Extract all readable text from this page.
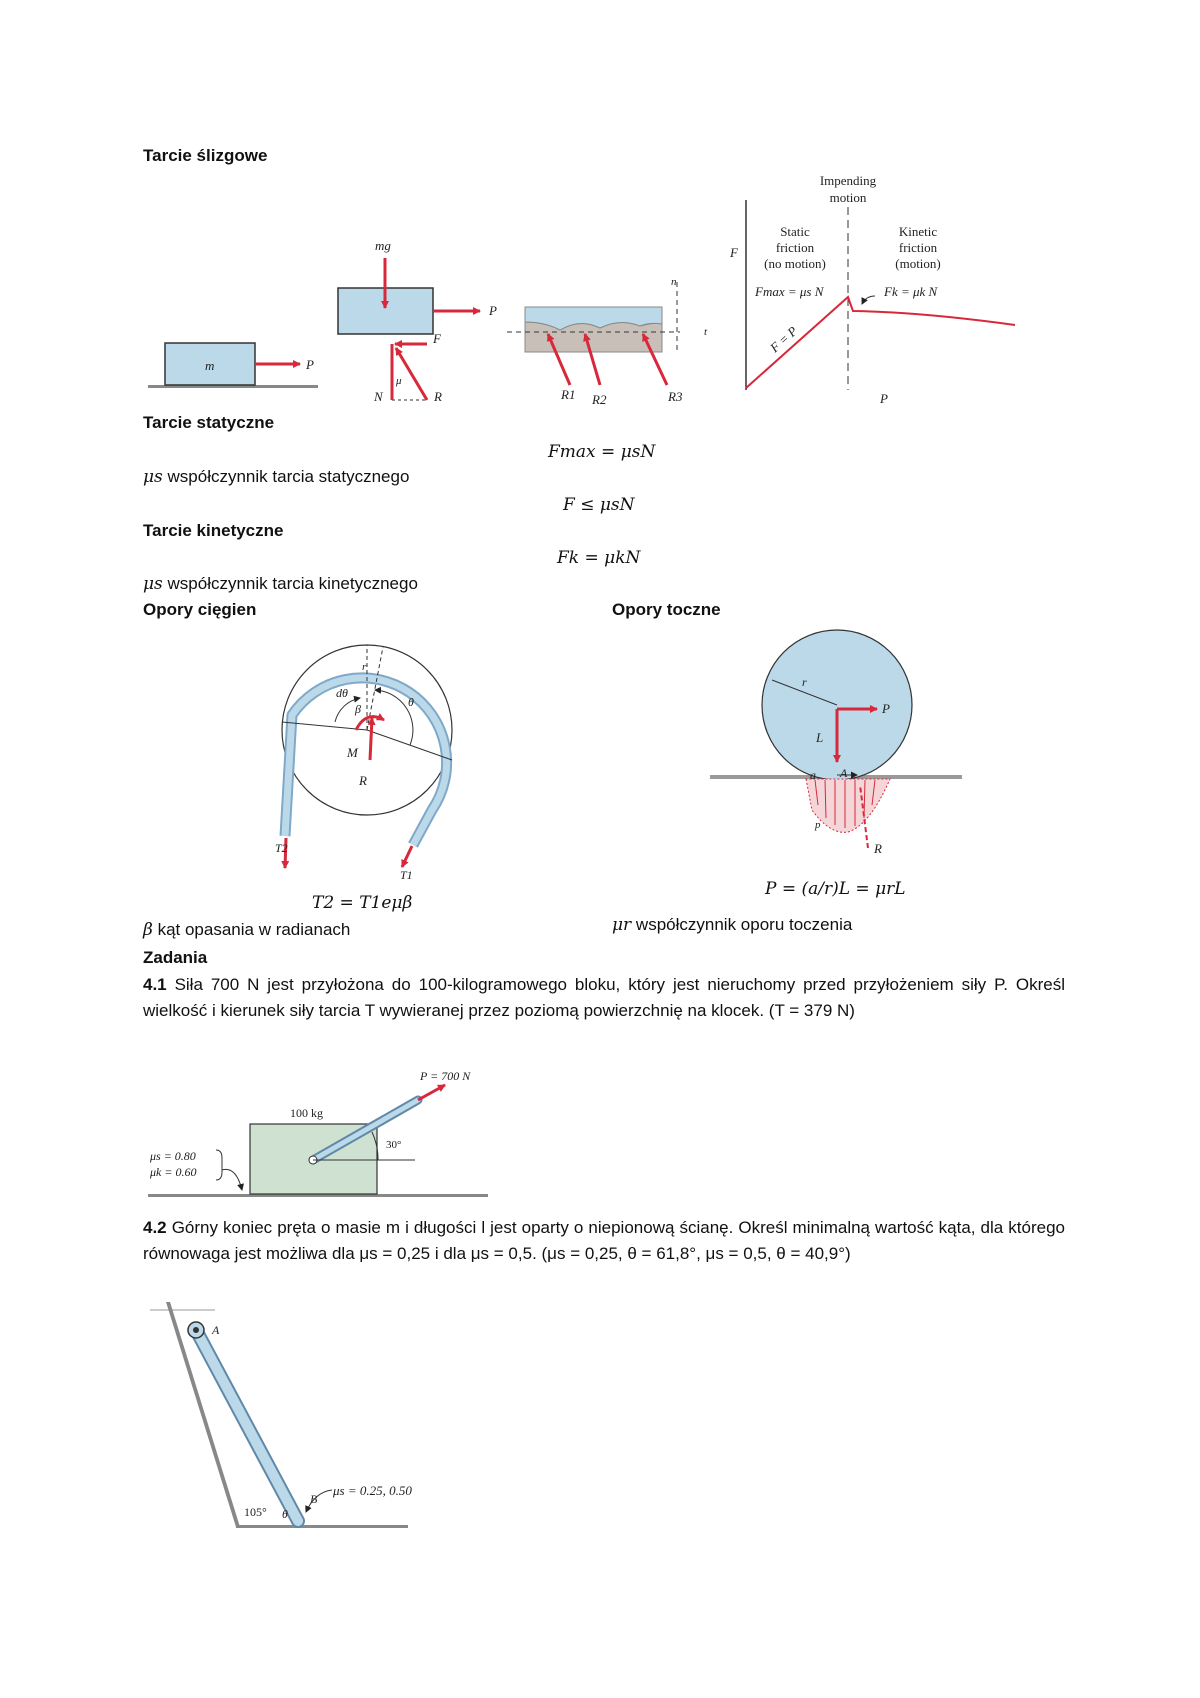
Tarcie ślizgowe
Tarcie statyczne
μs współczynnik tarcia statycznego
Tarcie kinetyczne
μs współczynnik tarcia kinetycznego
Fmax = μsN
F ≤ μsN
Fk = μkN
Opory cięgien	Opory toczne
T2 = T1eμβ
P = (a/r)L = μrL
β kąt opasania w radianach	μr współczynnik oporu toczenia
Zadania
4.1 Siła 700 N jest przyłożona do 100-kilogramowego bloku, który jest nieruchomy przed przyłożeniem siły P. Określ wielkość i kierunek siły tarcia T wywieranej przez poziomą powierzchnię na klocek. (T = 379 N)
4.2 Górny koniec pręta o masie m i długości l jest oparty o niepionową ścianę. Określ minimalną wartość kąta, dla którego równowaga jest możliwa dla μs = 0,25 i dla μs = 0,5. (μs = 0,25, θ = 61,8°, μs = 0,5, θ = 40,9°)
m	P
mg
P
F
N	R
μ
n
t
R1 R2	R3
F
P
Impending
motion
Static
friction
(no motion)
Kinetic
friction
(motion)
Fmax = μs N	Fk = μk N
F = P
T2
T1
dθ
β	θ
r
M
R
r
P
L
a A
R
p
100 kg
P = 700 N
30°
μs = 0.80
μk = 0.60
A
B
105° θ
μs = 0.25, 0.50
